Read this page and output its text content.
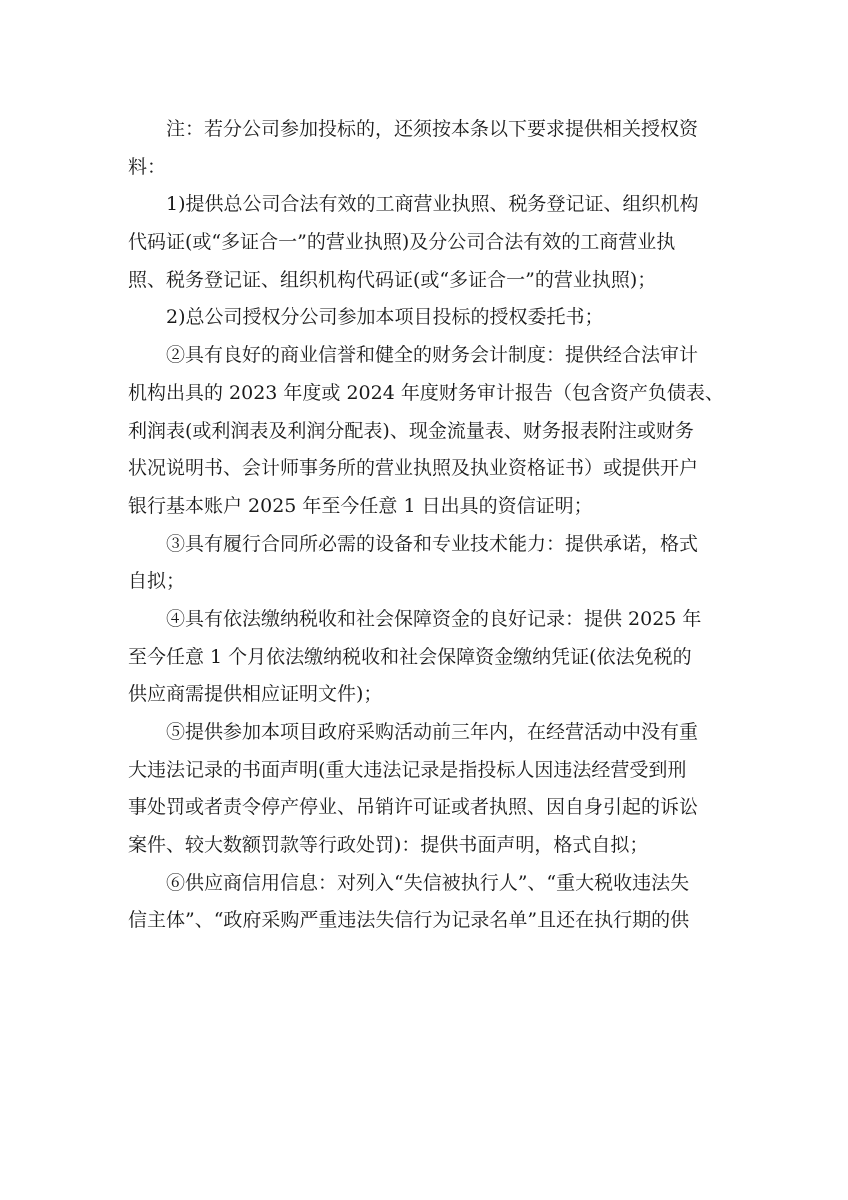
注：若分公司参加投标的，还须按本条以下要求提供相关授权资
料：

1)提供总公司合法有效的工商营业执照、税务登记证、组织机构
代码证(或“多证合一”的营业执照)及分公司合法有效的工商营业执
照、税务登记证、组织机构代码证(或“多证合一”的营业执照)；

2)总公司授权分公司参加本项目投标的授权委托书；

②具有良好的商业信誉和健全的财务会计制度：提供经合法审计
机构出具的 2023 年度或 2024 年度财务审计报告（包含资产负债表、
利润表(或利润表及利润分配表)、现金流量表、财务报表附注或财务
状况说明书、会计师事务所的营业执照及执业资格证书）或提供开户
银行基本账户 2025 年至今任意 1 日出具的资信证明；

③具有履行合同所必需的设备和专业技术能力：提供承诺，格式
自拟；

④具有依法缴纳税收和社会保障资金的良好记录：提供 2025 年
至今任意 1 个月依法缴纳税收和社会保障资金缴纳凭证(依法免税的
供应商需提供相应证明文件)；

⑤提供参加本项目政府采购活动前三年内，在经营活动中没有重
大违法记录的书面声明(重大违法记录是指投标人因违法经营受到刑
事处罚或者责令停产停业、吊销许可证或者执照、因自身引起的诉讼
案件、较大数额罚款等行政处罚)：提供书面声明，格式自拟；

⑥供应商信用信息：对列入“失信被执行人”、“重大税收违法失
信主体”、“政府采购严重违法失信行为记录名单”且还在执行期的供
